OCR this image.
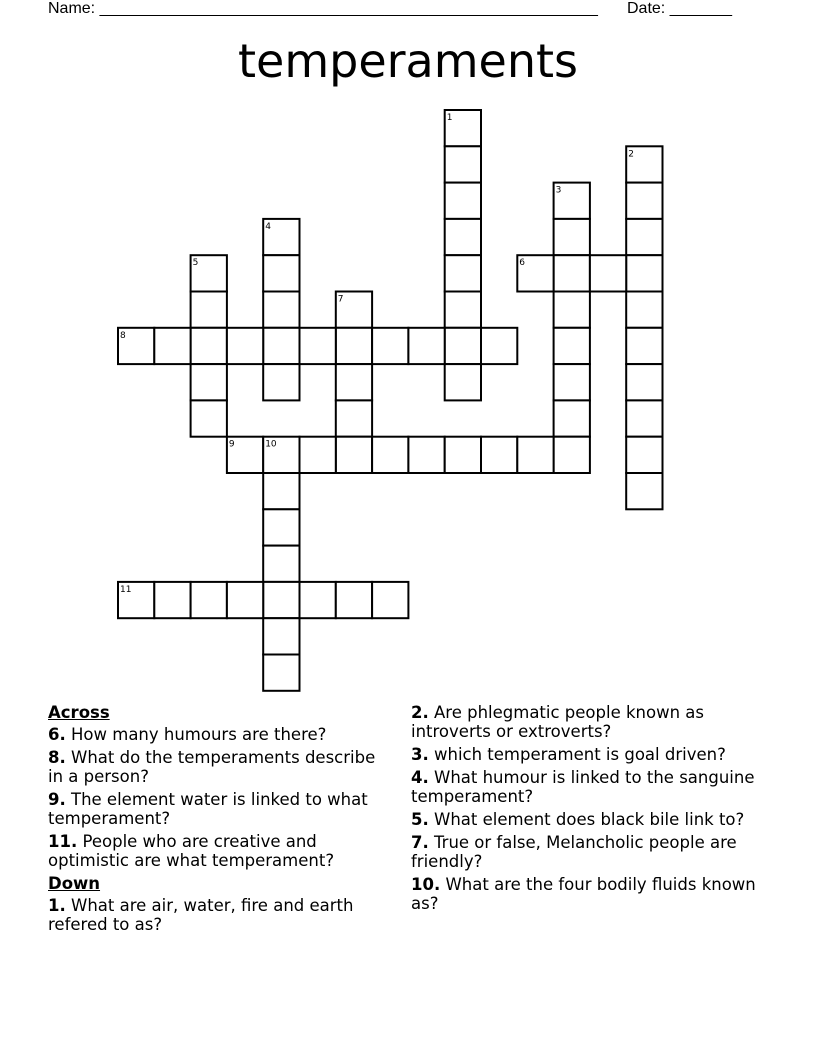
Name: ________________________________________________________ Date: _______
temperaments
1
2
3
4
5	6
7
8
9	10
11
Across
6. How many humours are there?
8. What do the temperaments describe in a person?
9. The element water is linked to what temperament?
11. People who are creative and optimistic are what temperament?
Down
1. What are air, water, fire and earth refered to as?
2. Are phlegmatic people known as introverts or extroverts?
3. which temperament is goal driven?
4. What humour is linked to the sanguine temperament?
5. What element does black bile link to?
7. True or false, Melancholic people are friendly?
10. What are the four bodily fluids known as?
